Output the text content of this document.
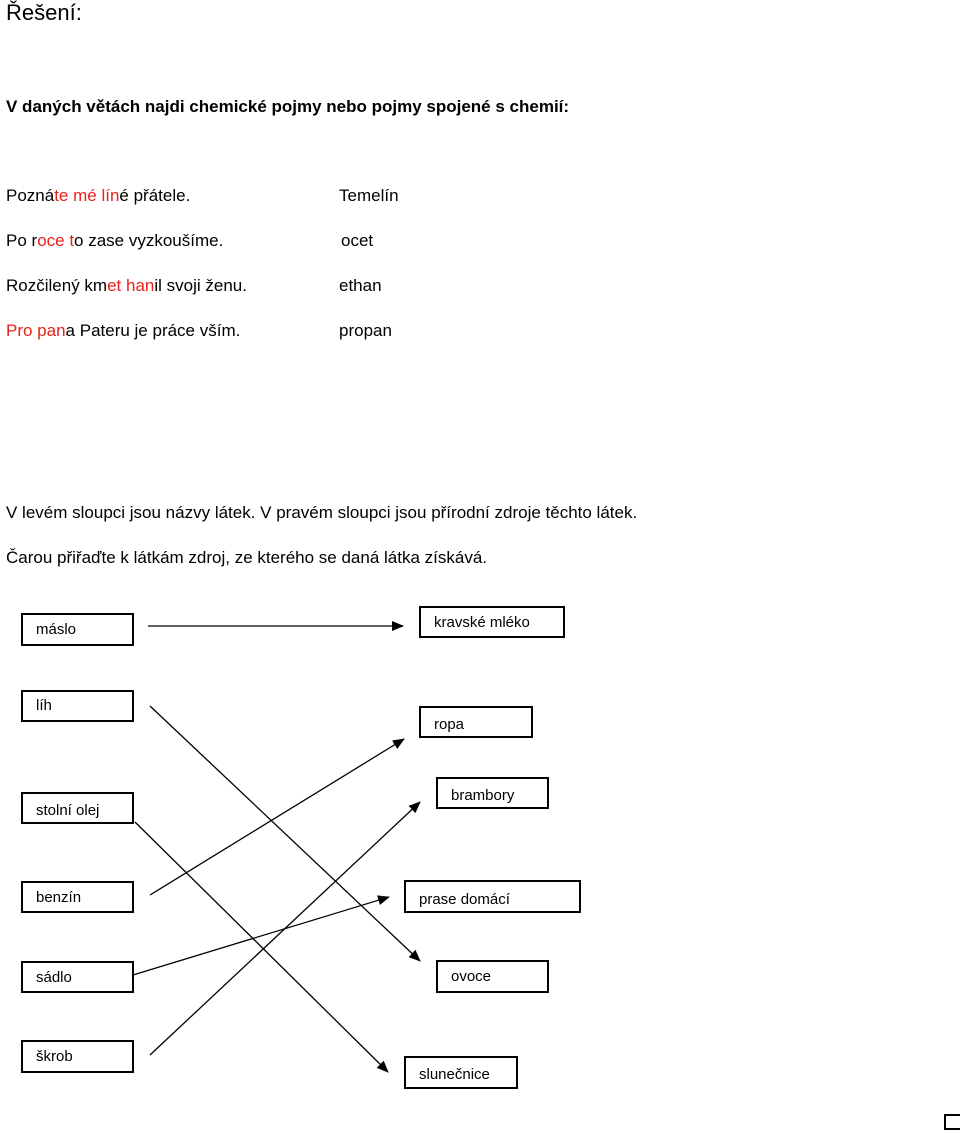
Řešení:
V daných větách najdi chemické pojmy nebo pojmy spojené s chemií:
Poznáte mé líné přátele.
Po roce to zase vyzkoušíme.
Rozčilený kmet hanil svoji ženu.
Pro pana Pateru je práce vším.
Temelín
ocet
ethan
propan
V levém sloupci jsou názvy látek. V pravém sloupci jsou přírodní zdroje těchto látek.
Čarou přiřaďte k látkám zdroj, ze kterého se daná látka získává.
máslo
líh
stolní olej
benzín
sádlo
škrob
kravské mléko
ropa
brambory
prase domácí
ovoce
slunečnice
